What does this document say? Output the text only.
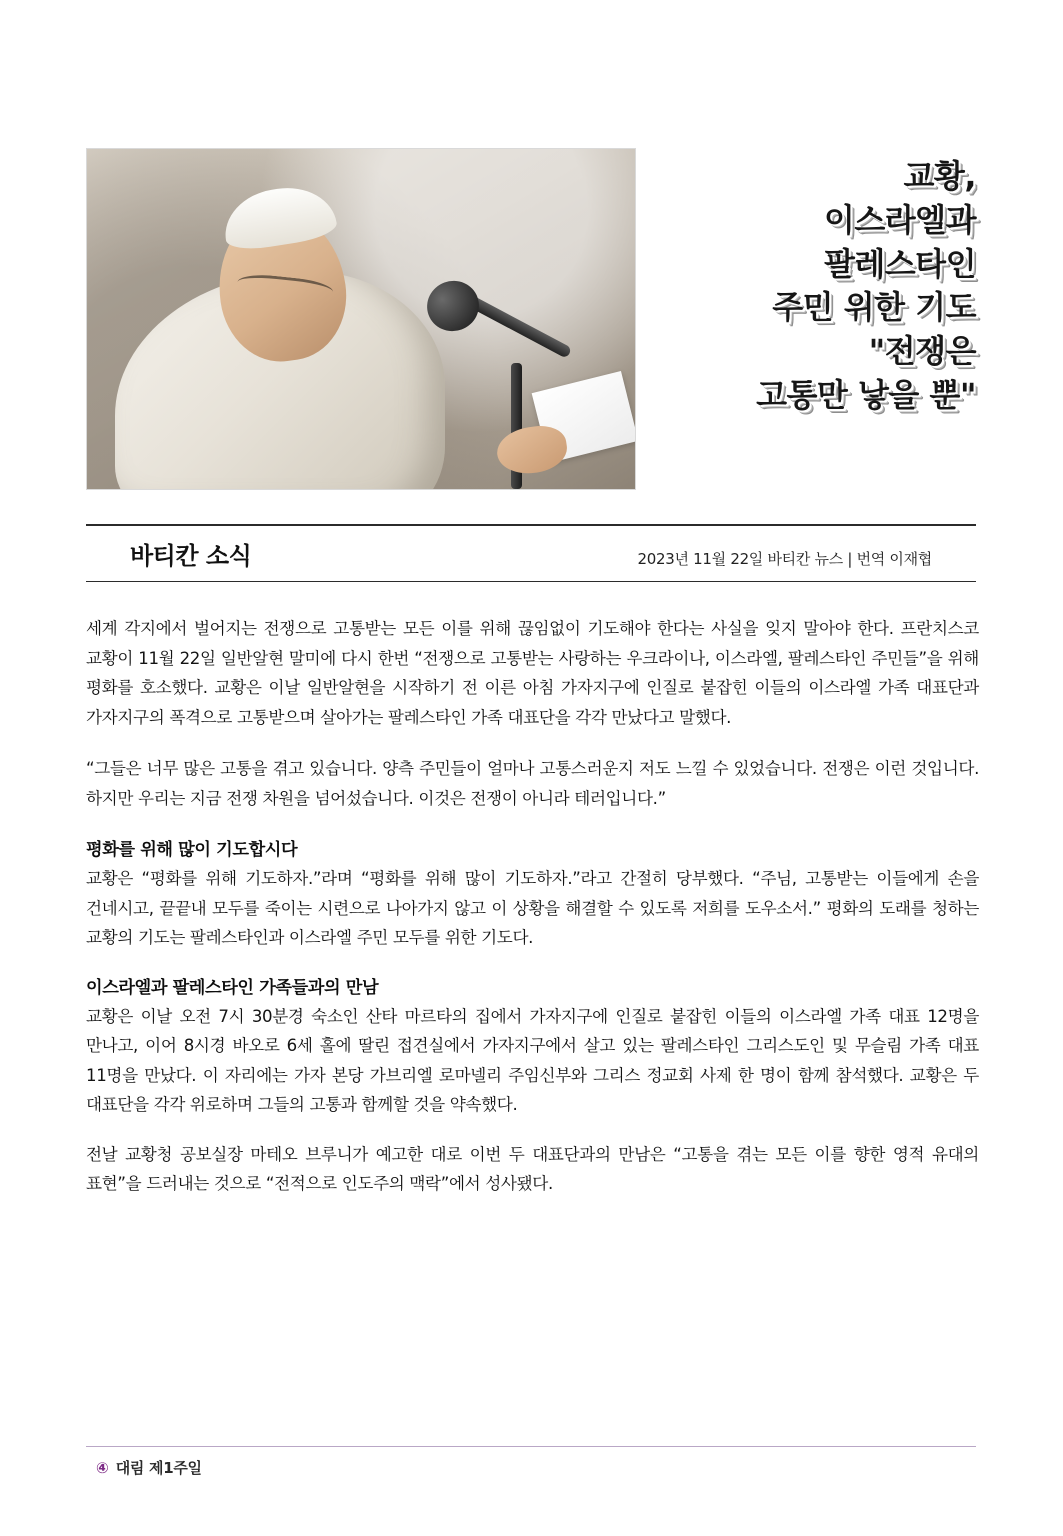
교황,
이스라엘과
팔레스타인
주민 위한 기도
"전쟁은
고통만 낳을 뿐"
바티칸 소식	2023년 11월 22일 바티칸 뉴스 | 번역 이재협

세계 각지에서 벌어지는 전쟁으로 고통받는 모든 이를 위해 끊임없이 기도해야 한다는 사실을 잊지 말아야 한다. 프란치스코 교황이 11월 22일 일반알현 말미에 다시 한번 “전쟁으로 고통받는 사랑하는 우크라이나, 이스라엘, 팔레스타인 주민들”을 위해 평화를 호소했다. 교황은 이날 일반알현을 시작하기 전 이른 아침 가자지구에 인질로 붙잡힌 이들의 이스라엘 가족 대표단과 가자지구의 폭격으로 고통받으며 살아가는 팔레스타인 가족 대표단을 각각 만났다고 말했다.

“그들은 너무 많은 고통을 겪고 있습니다. 양측 주민들이 얼마나 고통스러운지 저도 느낄 수 있었습니다. 전쟁은 이런 것입니다. 하지만 우리는 지금 전쟁 차원을 넘어섰습니다. 이것은 전쟁이 아니라 테러입니다.”

평화를 위해 많이 기도합시다

교황은 “평화를 위해 기도하자.”라며 “평화를 위해 많이 기도하자.”라고 간절히 당부했다. “주님, 고통받는 이들에게 손을 건네시고, 끝끝내 모두를 죽이는 시련으로 나아가지 않고 이 상황을 해결할 수 있도록 저희를 도우소서.” 평화의 도래를 청하는 교황의 기도는 팔레스타인과 이스라엘 주민 모두를 위한 기도다.

이스라엘과 팔레스타인 가족들과의 만남

교황은 이날 오전 7시 30분경 숙소인 산타 마르타의 집에서 가자지구에 인질로 붙잡힌 이들의 이스라엘 가족 대표 12명을 만나고, 이어 8시경 바오로 6세 홀에 딸린 접견실에서 가자지구에서 살고 있는 팔레스타인 그리스도인 및 무슬림 가족 대표 11명을 만났다. 이 자리에는 가자 본당 가브리엘 로마넬리 주임신부와 그리스 정교회 사제 한 명이 함께 참석했다. 교황은 두 대표단을 각각 위로하며 그들의 고통과 함께할 것을 약속했다.

전날 교황청 공보실장 마테오 브루니가 예고한 대로 이번 두 대표단과의 만남은 “고통을 겪는 모든 이를 향한 영적 유대의 표현”을 드러내는 것으로 “전적으로 인도주의 맥락”에서 성사됐다.

④ 대림 제1주일
